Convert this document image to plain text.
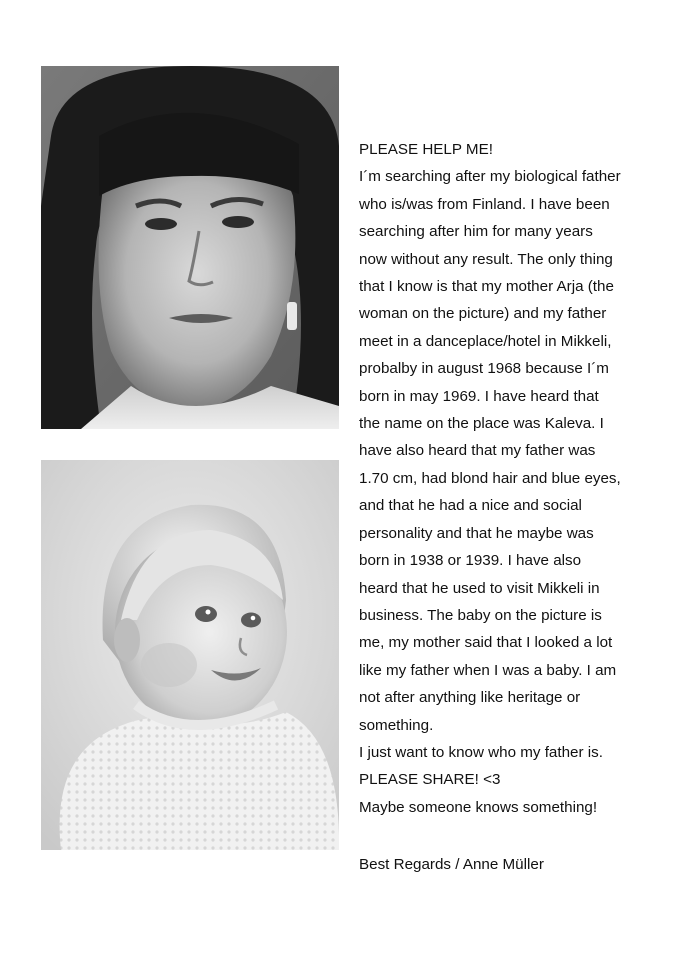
PLEASE HELP ME!
I´m searching after my biological father
who is/was from Finland. I have been
searching after him for many years
now without any result. The only thing
that I know is that my mother Arja (the
woman on the picture) and my father
meet in a danceplace/hotel in Mikkeli,
probalby in august 1968 because I´m
born in may 1969. I have heard that
the name on the place was Kaleva. I
have also heard that my father was
1.70 cm, had blond hair and blue eyes,
and that he had a nice and social
personality and that he maybe was
born in 1938 or 1939. I have also
heard that he used to visit Mikkeli in
business. The baby on the picture is
me, my mother said that I looked a lot
like my father when I was a baby. I am
not after anything like heritage or
something.
I just want to know who my father is.
PLEASE SHARE! <3
Maybe someone knows something!
Best Regards / Anne Müller
